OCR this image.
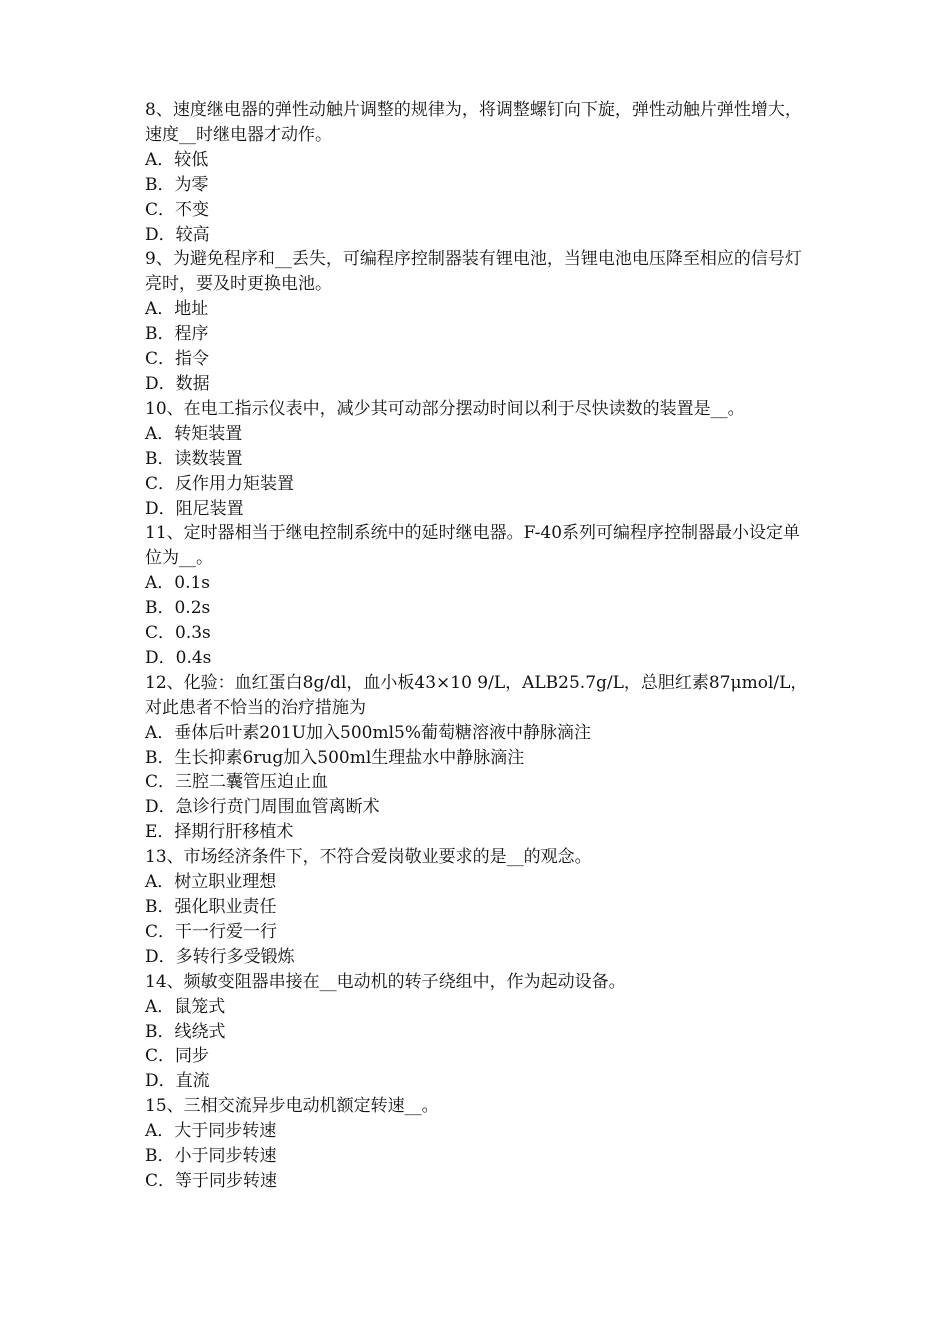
8、速度继电器的弹性动触片调整的规律为，将调整螺钉向下旋，弹性动触片弹性增大，速度__时继电器才动作。

A．较低

B．为零

C．不变

D．较高

9、为避免程序和__丢失，可编程序控制器装有锂电池，当锂电池电压降至相应的信号灯亮时，要及时更换电池。

A．地址

B．程序

C．指令

D．数据

10、在电工指示仪表中，减少其可动部分摆动时间以利于尽快读数的装置是__。

A．转矩装置

B．读数装置

C．反作用力矩装置

D．阻尼装置

11、定时器相当于继电控制系统中的延时继电器。F-40系列可编程序控制器最小设定单位为__。

A．0.1s

B．0.2s

C．0.3s

D．0.4s

12、化验：血红蛋白8g/dl，血小板43×10 9/L，ALB25.7g/L，总胆红素87μmol/L，对此患者不恰当的治疗措施为

A．垂体后叶素201U加入500ml5%葡萄糖溶液中静脉滴注

B．生长抑素6rug加入500ml生理盐水中静脉滴注

C．三腔二囊管压迫止血

D．急诊行贲门周围血管离断术

E．择期行肝移植术

13、市场经济条件下，不符合爱岗敬业要求的是__的观念。

A．树立职业理想

B．强化职业责任

C．干一行爱一行

D．多转行多受锻炼

14、频敏变阻器串接在__电动机的转子绕组中，作为起动设备。

A．鼠笼式

B．线绕式

C．同步

D．直流

15、三相交流异步电动机额定转速__。

A．大于同步转速

B．小于同步转速

C．等于同步转速
